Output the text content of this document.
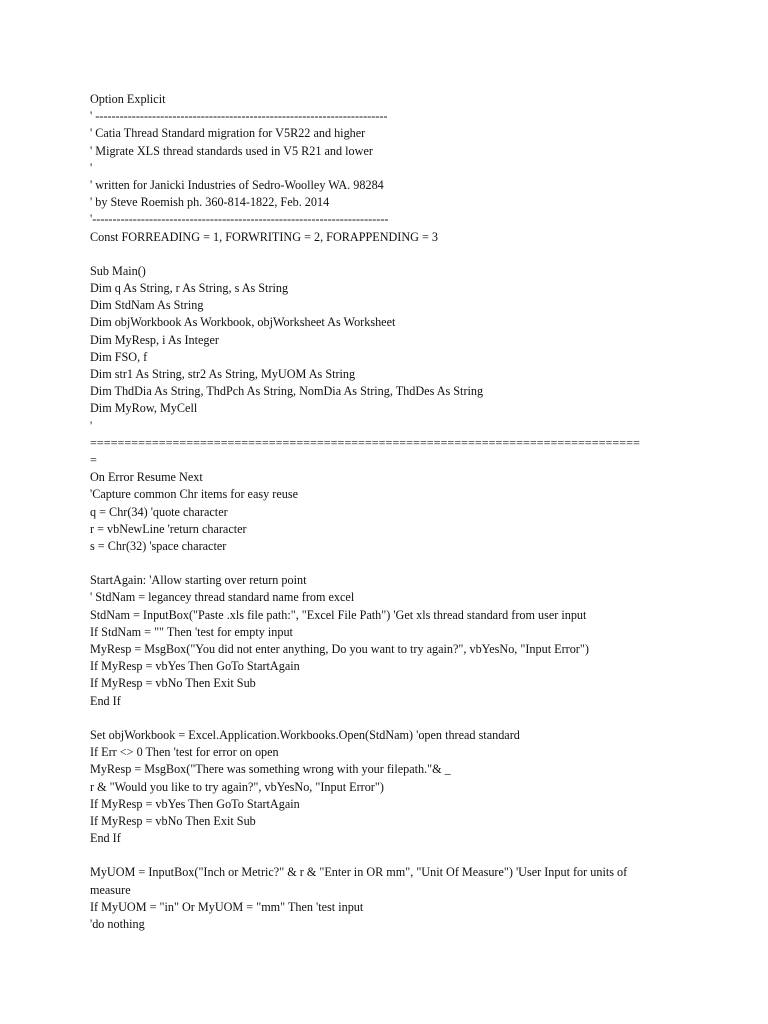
Option Explicit
' ------------------------------------------------------------------------
' Catia Thread Standard migration for V5R22 and higher
' Migrate XLS thread standards used in V5 R21 and lower
'
' written for Janicki Industries of Sedro-Woolley WA. 98284
' by Steve Roemish ph. 360-814-1822, Feb. 2014
'-------------------------------------------------------------------------
Const FORREADING = 1, FORWRITING = 2, FORAPPENDING = 3
Sub Main()
Dim q As String, r As String, s As String
Dim StdNam As String
Dim objWorkbook As Workbook, objWorksheet As Worksheet
Dim MyResp, i As Integer
Dim FSO, f
Dim str1 As String, str2 As String, MyUOM As String
Dim ThdDia As String, ThdPch As String, NomDia As String, ThdDes As String
Dim MyRow, MyCell
'
================================================================================
=
On Error Resume Next
'Capture common Chr items for easy reuse
q = Chr(34) 'quote character
r = vbNewLine 'return character
s = Chr(32) 'space character
StartAgain: 'Allow starting over return point
' StdNam = legancey thread standard name from excel
StdNam = InputBox("Paste .xls file path:", "Excel File Path") 'Get xls thread standard from user input
If StdNam = "" Then 'test for empty input
MyResp = MsgBox("You did not enter anything, Do you want to try again?", vbYesNo, "Input Error")
If MyResp = vbYes Then GoTo StartAgain
If MyResp = vbNo Then Exit Sub
End If
Set objWorkbook = Excel.Application.Workbooks.Open(StdNam) 'open thread standard
If Err <> 0 Then 'test for error on open
MyResp = MsgBox("There was something wrong with your filepath."& _
r & "Would you like to try again?", vbYesNo, "Input Error")
If MyResp = vbYes Then GoTo StartAgain
If MyResp = vbNo Then Exit Sub
End If
MyUOM = InputBox("Inch or Metric?" & r & "Enter in OR mm", "Unit Of Measure") 'User Input for units of
measure
If MyUOM = "in" Or MyUOM = "mm" Then 'test input
'do nothing
